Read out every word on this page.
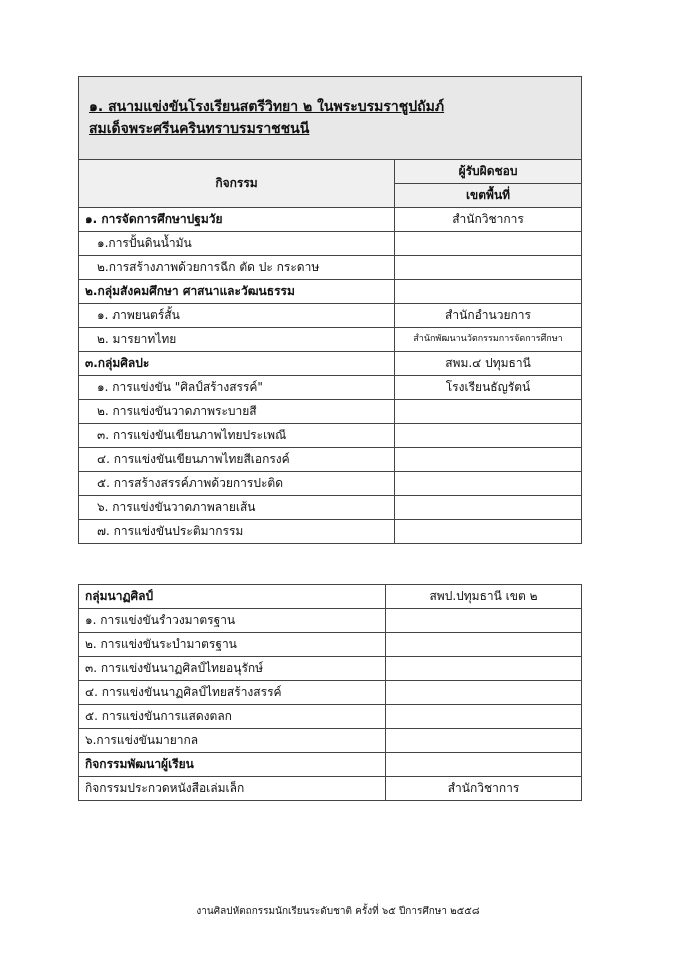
๑. สนามแข่งขันโรงเรียนสตรีวิทยา ๒ ในพระบรมราชูปถัมภ์
สมเด็จพระศรีนครินทราบรมราชชนนี	

กิจกรรม	ผู้รับผิดชอบ
	เขตพื้นที่
๑. การจัดการศึกษาปฐมวัย	สำนักวิชาการ
๑.การปั้นดินน้ำมัน	
๒.การสร้างภาพด้วยการฉีก ตัด ปะ กระดาษ	
๒.กลุ่มสังคมศึกษา ศาสนาและวัฒนธรรม	
๑. ภาพยนตร์สั้น	สำนักอำนวยการ
๒. มารยาทไทย	สำนักพัฒนานวัตกรรมการจัดการศึกษา
๓.กลุ่มศิลปะ	สพม.๔ ปทุมธานี
๑. การแข่งขัน "ศิลป์สร้างสรรค์"	โรงเรียนธัญรัตน์
๒. การแข่งขันวาดภาพระบายสี	
๓. การแข่งขันเขียนภาพไทยประเพณี	
๔. การแข่งขันเขียนภาพไทยสีเอกรงค์	
๕. การสร้างสรรค์ภาพด้วยการปะติด	
๖. การแข่งขันวาดภาพลายเส้น	
๗. การแข่งขันประติมากรรม	
กลุ่มนาฏศิลป์	สพป.ปทุมธานี เขต ๒
๑. การแข่งขันรำวงมาตรฐาน	
๒. การแข่งขันระบำมาตรฐาน	
๓. การแข่งขันนาฏศิลป์ไทยอนุรักษ์	
๔. การแข่งขันนาฏศิลป์ไทยสร้างสรรค์	
๕. การแข่งขันการแสดงตลก	
๖.การแข่งขันมายากล	
กิจกรรมพัฒนาผู้เรียน	
กิจกรรมประกวดหนังสือเล่มเล็ก	สำนักวิชาการ
งานศิลปหัตถกรรมนักเรียนระดับชาติ ครั้งที่ ๖๕ ปีการศึกษา ๒๕๕๘
